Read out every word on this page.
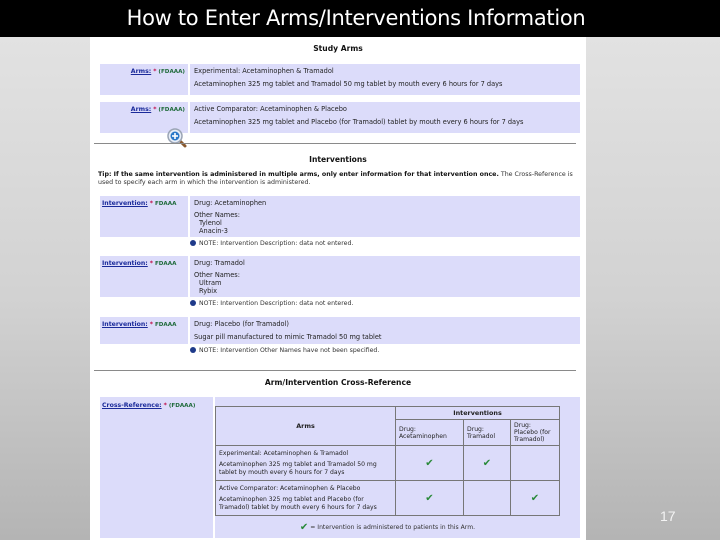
How to Enter Arms/Interventions Information
17
Study Arms
Arms: * (FDAAA)	Experimental: Acetaminophen & Tramadol

Acetaminophen 325 mg tablet and Tramadol 50 mg tablet by mouth every 6 hours for 7 days

Arms: * (FDAAA)	Active Comparator: Acetaminophen & Placebo

Acetaminophen 325 mg tablet and Placebo (for Tramadol) tablet by mouth every 6 hours for 7 days

Interventions
Tip: If the same intervention is administered in multiple arms, only enter information for that intervention once. The Cross-Reference is used to specify each arm in which the intervention is administered.
Intervention: * FDAAA	Drug: Acetaminophen

Other Names:
Tylenol
Anacin-3
NOTE: Intervention Description: data not entered.
Intervention: * FDAAA	Drug: Tramadol

Other Names:
Ultram
Rybix
NOTE: Intervention Description: data not entered.
Intervention: * FDAAA	Drug: Placebo (for Tramadol)

Sugar pill manufactured to mimic Tramadol 50 mg tablet

NOTE: Intervention Other Names have not been specified.
Arm/Intervention Cross-Reference
Cross-Reference: * (FDAAA)
Arms	Interventions		
	Drug: Acetaminophen	Drug: Tramadol	Drug: Placebo (for Tramadol)

Experimental: Acetaminophen & Tramadol

Acetaminophen 325 mg tablet and Tramadol 50 mg tablet by mouth every 6 hours for 7 days	✔	✔	

Active Comparator: Acetaminophen & Placebo

Acetaminophen 325 mg tablet and Placebo (for Tramadol) tablet by mouth every 6 hours for 7 days	✔		✔
✔ = Intervention is administered to patients in this Arm.
